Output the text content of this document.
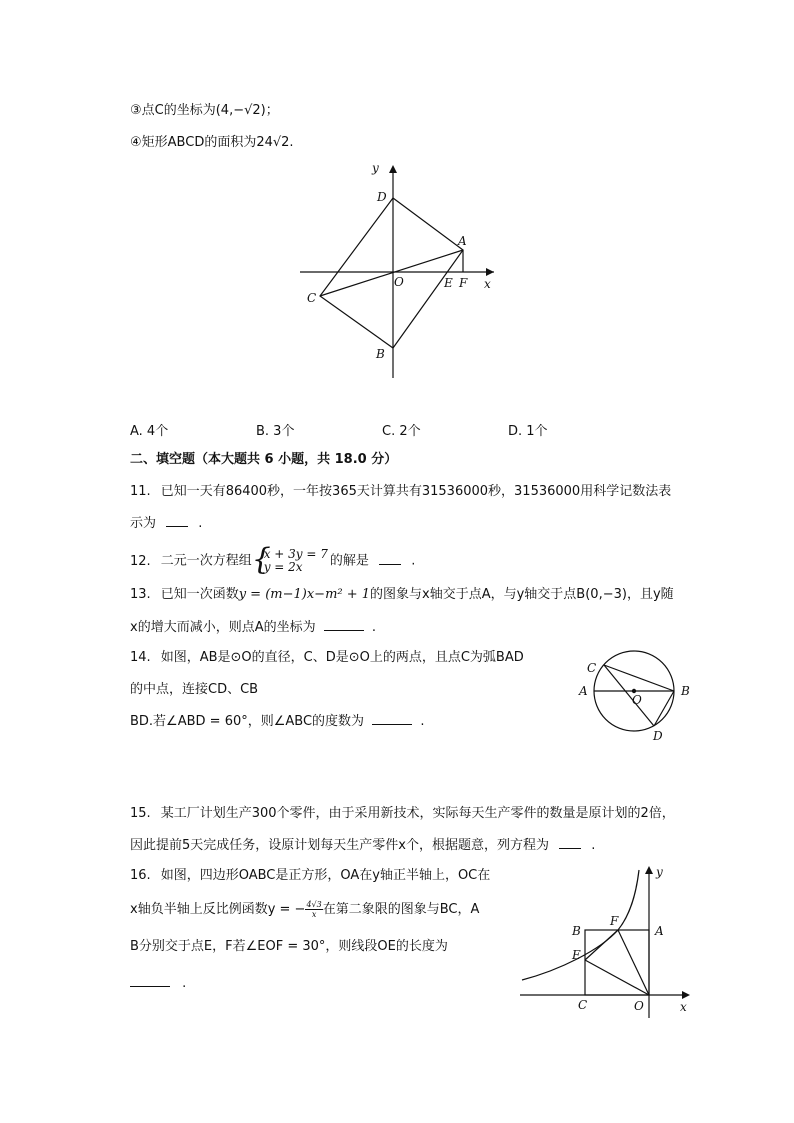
③点C的坐标为(4,−√2)；
④矩形ABCD的面积为24√2.
y
D
A
O	E F x
C
B
A. 4个	B. 3个	C. 2个	D. 1个
二、填空题（本大题共 6 小题，共 18.0 分）
11. 已知一天有86400秒，一年按365天计算共有31536000秒，31536000用科学记数法表
示为	.
12. 二元一次方程组
{ x + 3y = 7
y = 2x	的解是	.
13. 已知一次函数y = (m−1)x−m² + 1的图象与x轴交于点A，与y轴交于点B(0,−3)，且y随
x的增大而减小，则点A的坐标为	.
14. 如图，AB是⊙O的直径，C、D是⊙O上的两点，且点C为弧BAD
的中点，连接CD、CB
BD.若∠ABD = 60°，则∠ABC的度数为	.
C
A
O
B
D
15. 某工厂计划生产300个零件，由于采用新技术，实际每天生产零件的数量是原计划的2倍，
因此提前5天完成任务，设原计划每天生产零件x个，根据题意，列方程为	.
16. 如图，四边形OABC是正方形，OA在y轴正半轴上，OC在
x轴负半轴上反比例函数y = − $\frac{4√3}{x}$ 在第二象限的图象与BC，A
B分别交于点E，F若∠EOF = 30°，则线段OE的长度为
.
y
B
F
A
E
C	O	x
